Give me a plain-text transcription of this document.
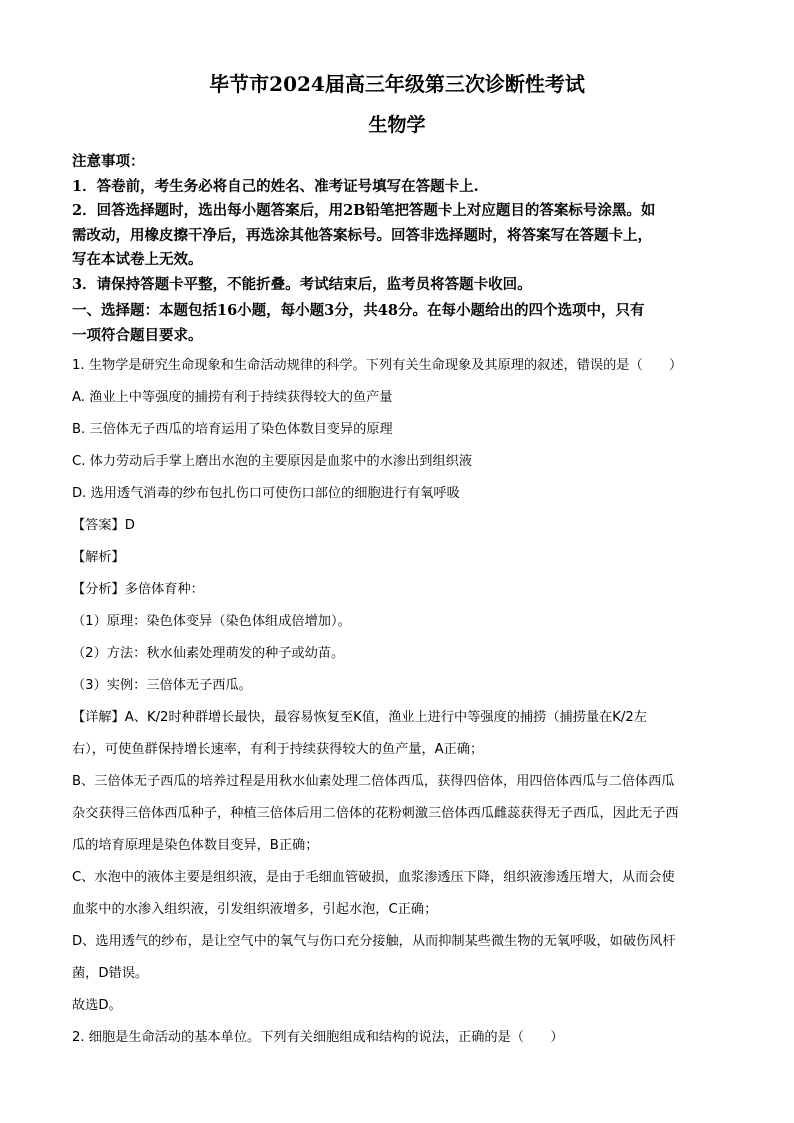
毕节市2024届高三年级第三次诊断性考试
生物学

注意事项：

1．答卷前，考生务必将自己的姓名、准考证号填写在答题卡上.

2．回答选择题时，选出每小题答案后，用2B铅笔把答题卡上对应题目的答案标号涂黑。如

需改动，用橡皮擦干净后，再选涂其他答案标号。回答非选择题时，将答案写在答题卡上，

写在本试卷上无效。

3．请保持答题卡平整，不能折叠。考试结束后，监考员将答题卡收回。

一、选择题：本题包括16小题，每小题3分，共48分。在每小题给出的四个选项中，只有

一项符合题目要求。

1. 生物学是研究生命现象和生命活动规律的科学。下列有关生命现象及其原理的叙述，错误的是（　　）

A. 渔业上中等强度的捕捞有利于持续获得较大的鱼产量

B. 三倍体无子西瓜的培育运用了染色体数目变异的原理

C. 体力劳动后手掌上磨出水泡的主要原因是血浆中的水渗出到组织液

D. 选用透气消毒的纱布包扎伤口可使伤口部位的细胞进行有氧呼吸

【答案】D

【解析】

【分析】多倍体育种：

（1）原理：染色体变异（染色体组成倍增加）。

（2）方法：秋水仙素处理萌发的种子或幼苗。

（3）实例：三倍体无子西瓜。

【详解】A、K/2时种群增长最快，最容易恢复至K值，渔业上进行中等强度的捕捞（捕捞量在K/2左

右），可使鱼群保持增长速率，有利于持续获得较大的鱼产量，A正确；

B、三倍体无子西瓜的培养过程是用秋水仙素处理二倍体西瓜，获得四倍体，用四倍体西瓜与二倍体西瓜

杂交获得三倍体西瓜种子，种植三倍体后用二倍体的花粉刺激三倍体西瓜雌蕊获得无子西瓜，因此无子西

瓜的培育原理是染色体数目变异，B正确；

C、水泡中的液体主要是组织液，是由于毛细血管破损，血浆渗透压下降，组织液渗透压增大，从而会使

血浆中的水渗入组织液，引发组织液增多，引起水泡，C正确；

D、选用透气的纱布，是让空气中的氧气与伤口充分接触，从而抑制某些微生物的无氧呼吸，如破伤风杆

菌，D错误。

故选D。

2. 细胞是生命活动的基本单位。下列有关细胞组成和结构的说法，正确的是（　　）
